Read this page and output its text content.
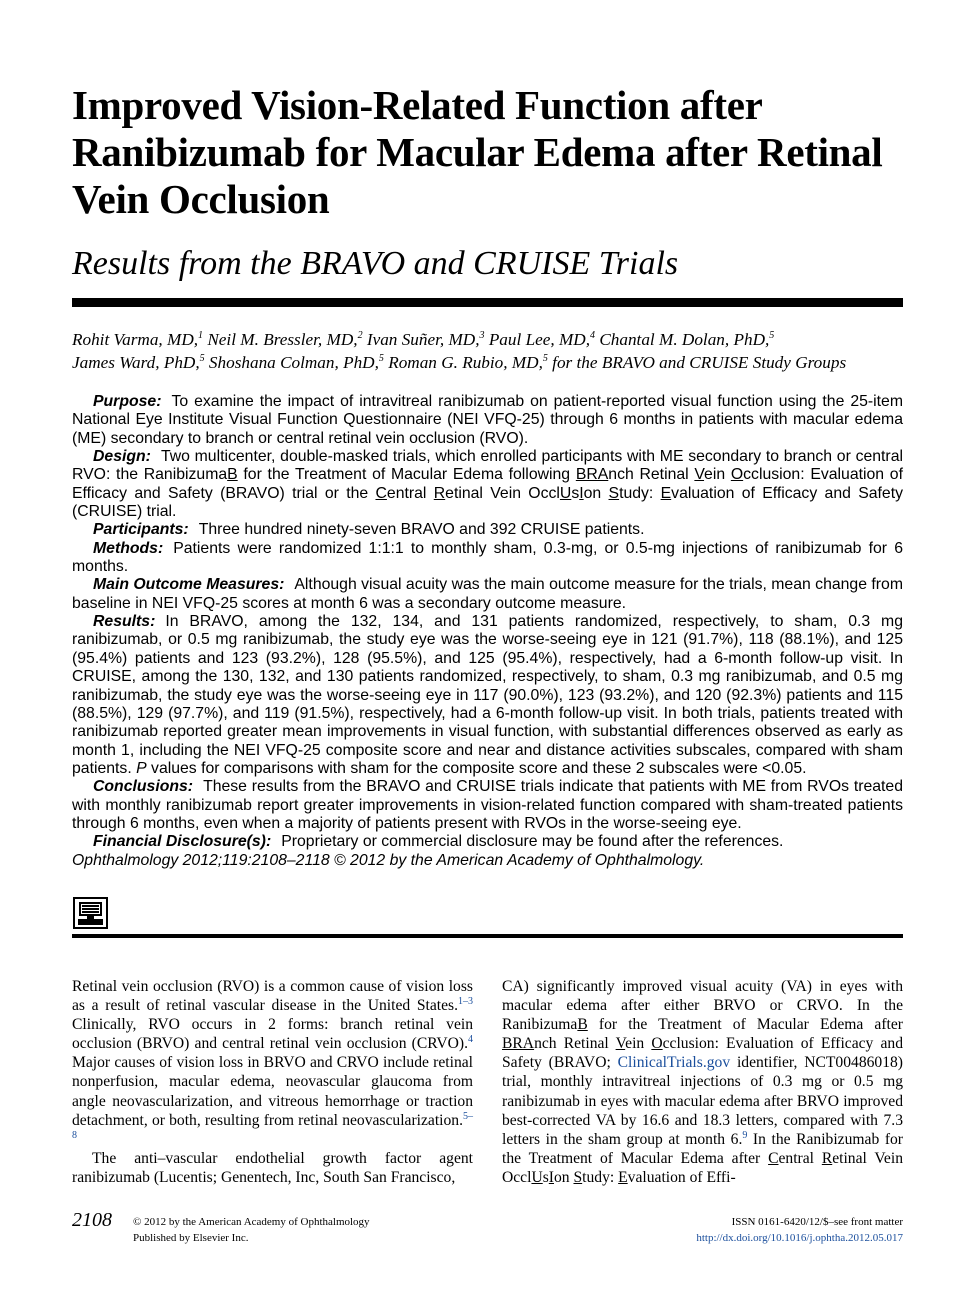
Improved Vision-Related Function after Ranibizumab for Macular Edema after Retinal Vein Occlusion
Results from the BRAVO and CRUISE Trials

Rohit Varma, MD,$^1$ Neil M. Bressler, MD,$^2$ Ivan Suñer, MD,$^3$ Paul Lee, MD,$^4$ Chantal M. Dolan, PhD,$^5$
James Ward, PhD,$^5$ Shoshana Colman, PhD,$^5$ Roman G. Rubio, MD,$^5$ for the BRAVO and CRUISE Study Groups

Purpose: To examine the impact of intravitreal ranibizumab on patient-reported visual function using the 25-item National Eye Institute Visual Function Questionnaire (NEI VFQ-25) through 6 months in patients with macular edema (ME) secondary to branch or central retinal vein occlusion (RVO).

Design: Two multicenter, double-masked trials, which enrolled participants with ME secondary to branch or central RVO: the RanibizumaB for the Treatment of Macular Edema following BRAnch Retinal Vein Occlusion: Evaluation of Efficacy and Safety (BRAVO) trial or the Central Retinal Vein OcclUsIon Study: Evaluation of Efficacy and Safety (CRUISE) trial.

Participants: Three hundred ninety-seven BRAVO and 392 CRUISE patients.

Methods: Patients were randomized 1:1:1 to monthly sham, 0.3-mg, or 0.5-mg injections of ranibizumab for 6 months.

Main Outcome Measures: Although visual acuity was the main outcome measure for the trials, mean change from baseline in NEI VFQ-25 scores at month 6 was a secondary outcome measure.

Results: In BRAVO, among the 132, 134, and 131 patients randomized, respectively, to sham, 0.3 mg ranibizumab, or 0.5 mg ranibizumab, the study eye was the worse-seeing eye in 121 (91.7%), 118 (88.1%), and 125 (95.4%) patients and 123 (93.2%), 128 (95.5%), and 125 (95.4%), respectively, had a 6-month follow-up visit. In CRUISE, among the 130, 132, and 130 patients randomized, respectively, to sham, 0.3 mg ranibizumab, and 0.5 mg ranibizumab, the study eye was the worse-seeing eye in 117 (90.0%), 123 (93.2%), and 120 (92.3%) patients and 115 (88.5%), 129 (97.7%), and 119 (91.5%), respectively, had a 6-month follow-up visit. In both trials, patients treated with ranibizumab reported greater mean improvements in visual function, with substantial differences observed as early as month 1, including the NEI VFQ-25 composite score and near and distance activities subscales, compared with sham patients. P values for comparisons with sham for the composite score and these 2 subscales were <0.05.

Conclusions: These results from the BRAVO and CRUISE trials indicate that patients with ME from RVOs treated with monthly ranibizumab report greater improvements in vision-related function compared with sham-treated patients through 6 months, even when a majority of patients present with RVOs in the worse-seeing eye.

Financial Disclosure(s): Proprietary or commercial disclosure may be found after the references.

Ophthalmology 2012;119:2108–2118 © 2012 by the American Academy of Ophthalmology.

Retinal vein occlusion (RVO) is a common cause of vision loss as a result of retinal vascular disease in the United States.$^{1-3}$ Clinically, RVO occurs in 2 forms: branch retinal vein occlusion (BRVO) and central retinal vein occlusion (CRVO).$^4$ Major causes of vision loss in BRVO and CRVO include retinal nonperfusion, macular edema, neovascular glaucoma from angle neovascularization, and vitreous hemorrhage or traction detachment, or both, resulting from retinal neovascularization.$^{5-8}$

The anti–vascular endothelial growth factor agent ranibizumab (Lucentis; Genentech, Inc, South San Francisco,

CA) significantly improved visual acuity (VA) in eyes with macular edema after either BRVO or CRVO. In the RanibizumaB for the Treatment of Macular Edema after BRAnch Retinal Vein Occlusion: Evaluation of Efficacy and Safety (BRAVO; ClinicalTrials.gov identifier, NCT00486018) trial, monthly intravitreal injections of 0.3 mg or 0.5 mg ranibizumab in eyes with macular edema after BRVO improved best-corrected VA by 16.6 and 18.3 letters, compared with 7.3 letters in the sham group at month 6.$^9$ In the Ranibizumab for the Treatment of Macular Edema after Central Retinal Vein OcclUsIon Study: Evaluation of Effi-

2108 © 2012 by the American Academy of Ophthalmology
Published by Elsevier Inc.
ISSN 0161-6420/12/$–see front matter
http://dx.doi.org/10.1016/j.ophtha.2012.05.017
